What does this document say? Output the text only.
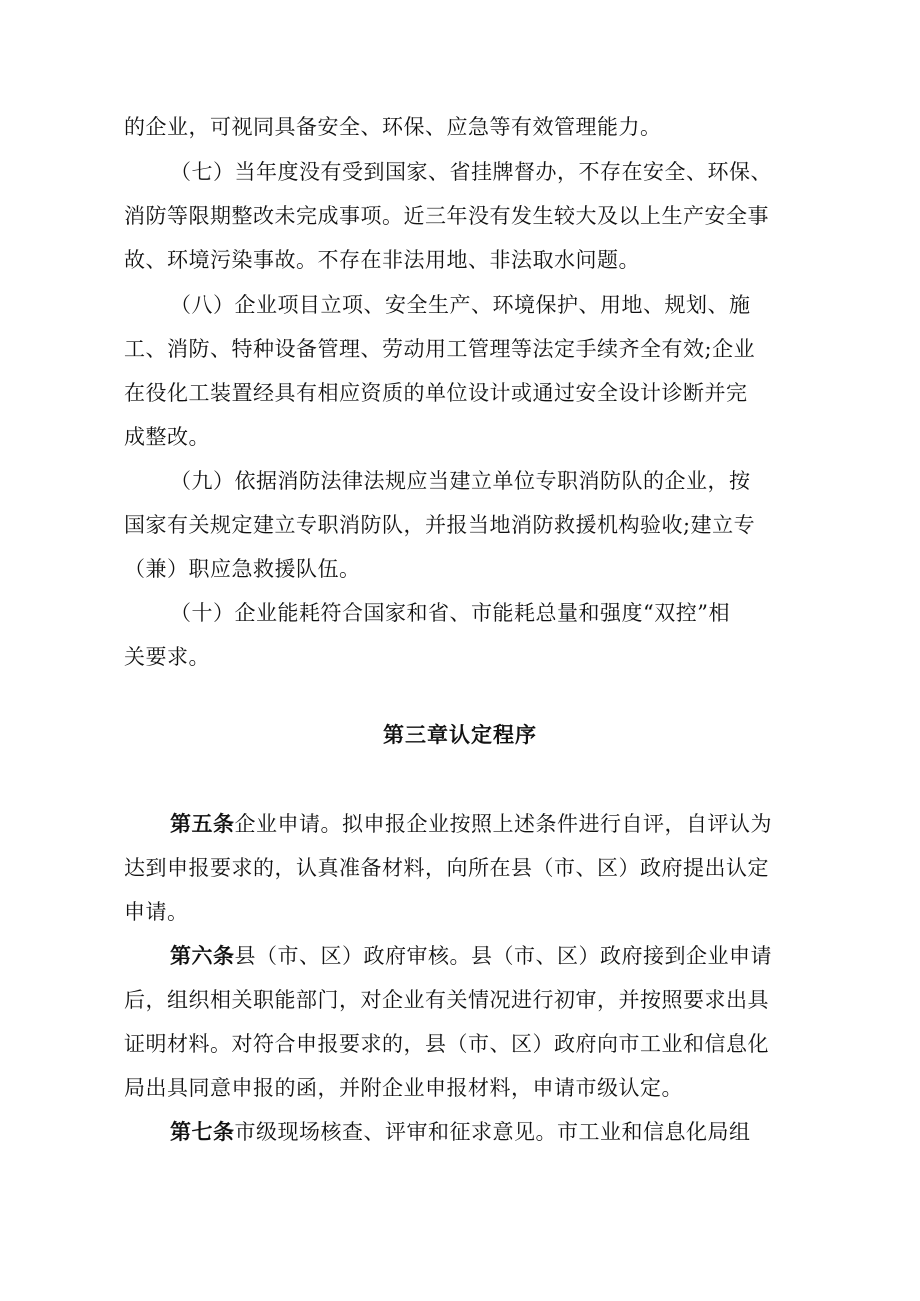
的企业，可视同具备安全、环保、应急等有效管理能力。
（七）当年度没有受到国家、省挂牌督办，不存在安全、环保、
消防等限期整改未完成事项。近三年没有发生较大及以上生产安全事
故、环境污染事故。不存在非法用地、非法取水问题。
（八）企业项目立项、安全生产、环境保护、用地、规划、施
工、消防、特种设备管理、劳动用工管理等法定手续齐全有效;企业
在役化工装置经具有相应资质的单位设计或通过安全设计诊断并完
成整改。
（九）依据消防法律法规应当建立单位专职消防队的企业，按
国家有关规定建立专职消防队，并报当地消防救援机构验收;建立专
（兼）职应急救援队伍。
（十）企业能耗符合国家和省、市能耗总量和强度“双控”相
关要求。
第三章认定程序
第五条企业申请。拟申报企业按照上述条件进行自评，自评认为
达到申报要求的，认真准备材料，向所在县（市、区）政府提出认定
申请。
第六条县（市、区）政府审核。县（市、区）政府接到企业申请
后，组织相关职能部门，对企业有关情况进行初审，并按照要求出具
证明材料。对符合申报要求的，县（市、区）政府向市工业和信息化
局出具同意申报的函，并附企业申报材料，申请市级认定。
第七条市级现场核查、评审和征求意见。市工业和信息化局组
